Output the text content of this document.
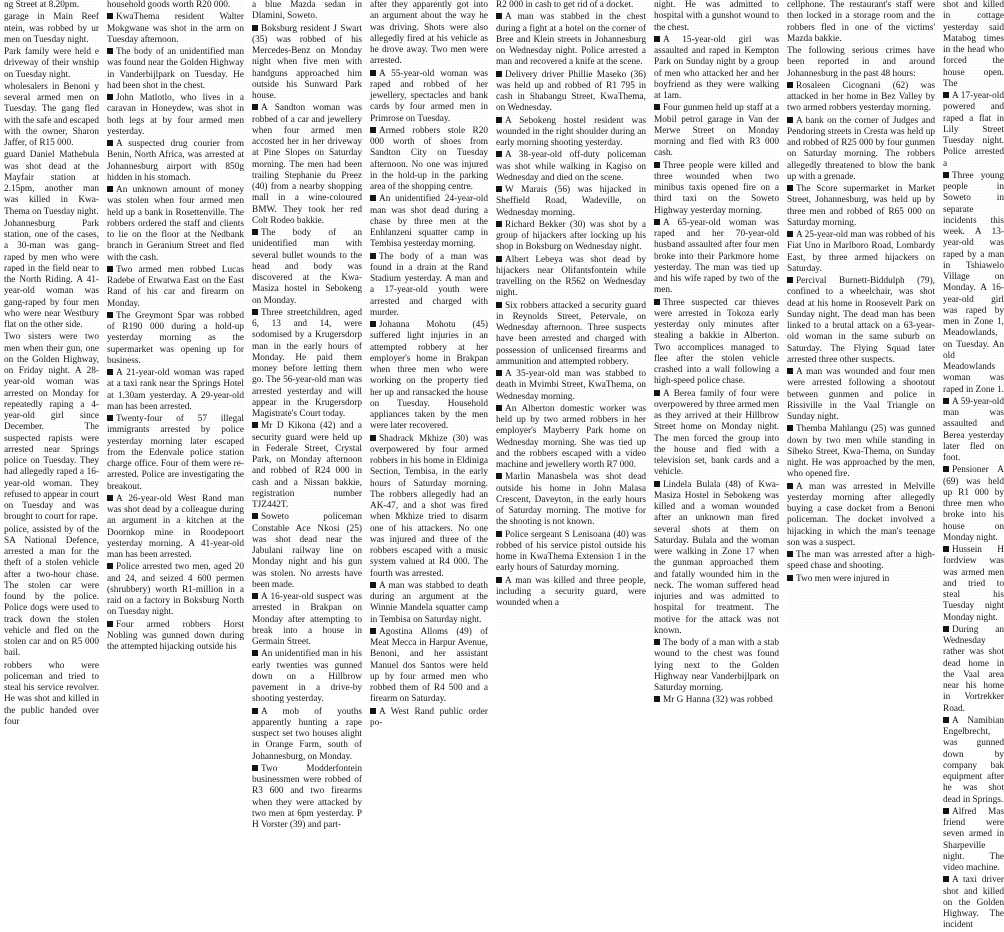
ng Street at 8.20pm.

garage in Main Reef ntein, was robbed by ur men on Tuesday night.

Park family were held e driveway of their wnship on Tuesday night.

wholesalers in Benoni y several armed men on Tuesday. The gang fled with the safe and escaped with the owner, Sharon Jaffer, of R15 000.

guard Daniel Mathebula was shot dead at the Mayfair station at 2.15pm, another man was killed in Kwa-Thema on Tuesday night.

Johannesburg Park station, one of the cases, a 30-man was gang-raped by men who were raped in the field near to the North Riding. A 41-year-old woman was gang-raped by four men who were near Westbury flat on the other side.

Two sisters were two men when their gun, one on the Golden Highway, on Friday night. A 28-year-old woman was arrested on Monday for repeatedly raping a 4-year-old girl since December. The suspected rapists were arrested near Springs police on Tuesday. They had allegedly raped a 16-year-old woman. They refused to appear in court on Tuesday and was brought to court for rape.

police, assisted by of the SA National Defence, arrested a man for the theft of a stolen vehicle after a two-hour chase. The stolen car were found by the police. Police dogs were used to track down the stolen vehicle and fled on the stolen car and on R5 000 bail.

robbers who were policeman and tried to steal his service revolver. He was shot and killed in the public handed over four

household goods worth R20 000.

KwaThema resident Walter Mokgwane was shot in the arm on Tuesday afternoon.

The body of an unidentified man was found near the Golden Highway in Vanderbijlpark on Tuesday. He had been shot in the chest.

John Matlotlo, who lives in a caravan in Honeydew, was shot in both legs at by four armed men yesterday.

A suspected drug courier from Benin, North Africa, was arrested at Johannesburg airport with 850g hidden in his stomach.

An unknown amount of money was stolen when four armed men held up a bank in Rosettenville. The robbers ordered the staff and clients to lie on the floor at the Nedbank branch in Geranium Street and fled with the cash.

Two armed men robbed Lucas Radebe of Etwatwa East on the East Rand of his car and firearm on Monday.

The Greymont Spar was robbed of R190 000 during a hold-up yesterday morning as the supermarket was opening up for business.

A 21-year-old woman was raped at a taxi rank near the Springs Hotel at 1.30am yesterday. A 29-year-old man has been arrested.

Twenty-four of 57 illegal immigrants arrested by police yesterday morning later escaped from the Edenvale police station charge office. Four of them were re-arrested. Police are investigating the breakout.

A 26-year-old West Rand man was shot dead by a colleague during an argument in a kitchen at the Doornkop mine in Roodepoort yesterday morning. A 41-year-old man has been arrested.

Police arrested two men, aged 20 and 24, and seized 4 600 permen (shrubbery) worth R1-million in a raid on a factory in Boksburg North on Tuesday night.

Four armed robbers Horst Nobling was gunned down during the attempted hijacking outside his

a blue Mazda sedan in Dlamini, Soweto.

Boksburg resident J Swart (35) was robbed of his Mercedes-Benz on Monday night when five men with handguns approached him outside his Sunward Park house.

A Sandton woman was robbed of a car and jewellery when four armed men accosted her in her driveway at Pine Slopes on Saturday morning. The men had been trailing Stephanie du Preez (40) from a nearby shopping mall in a wine-coloured BMW. They took her red Colt Rodeo bakkie.

The body of an unidentified man with several bullet wounds to the head and body was discovered at the Kwa-Masiza hostel in Sebokeng on Monday.

Three streetchildren, aged 6, 13 and 14, were sodomised by a Krugersdorp man in the early hours of Monday. He paid them money before letting them go. The 56-year-old man was arrested yesterday and will appear in the Krugersdorp Magistrate's Court today.

Mr D Kikona (42) and a security guard were held up in Federale Street, Crystal Park, on Monday afternoon and robbed of R24 000 in cash and a Nissan bakkie, registration number TJZ442T.

Soweto policeman Constable Ace Nkosi (25) was shot dead near the Jabulani railway line on Monday night and his gun was stolen. No arrests have been made.

A 16-year-old suspect was arrested in Brakpan on Monday after attempting to break into a house in Germain Street.

An unidentified man in his early twenties was gunned down on a Hillbrow pavement in a drive-by shooting yesterday.

A mob of youths apparently hunting a rape suspect set two houses alight in Orange Farm, south of Johannesburg, on Monday.

Two Modderfontein businessmen were robbed of R3 600 and two firearms when they were attacked by two men at 6pm yesterday. P H Vorster (39) and part-

after they apparently got into an argument about the way he was driving. Shots were also allegedly fired at his vehicle as he drove away. Two men were arrested.

A 55-year-old woman was raped and robbed of her jewellery, spectacles and bank cards by four armed men in Primrose on Tuesday.

Armed robbers stole R20 000 worth of shoes from Sandton City on Tuesday afternoon. No one was injured in the hold-up in the parking area of the shopping centre.

An unidentified 24-year-old man was shot dead during a chase by three men at the Enhlanzeni squatter camp in Tembisa yesterday morning.

The body of a man was found in a drain at the Rand Stadium yesterday. A man and a 17-year-old youth were arrested and charged with murder.

Johanna Mohotu (45) suffered light injuries in an attempted robbery at her employer's home in Brakpan when three men who were working on the property tied her up and ransacked the house on Tuesday. Household appliances taken by the men were later recovered.

Shadrack Mkhize (30) was overpowered by four armed robbers in his home in Eldiniga Section, Tembisa, in the early hours of Saturday morning. The robbers allegedly had an AK-47, and a shot was fired when Mkhize tried to disarm one of his attackers. No one was injured and three of the robbers escaped with a music system valued at R4 000. The fourth was arrested.

A man was stabbed to death during an argument at the Winnie Mandela squatter camp in Tembisa on Saturday night.

Agostina Alloms (49) of Meat Mecca in Harpur Avenue, Benoni, and her assistant Manuel dos Santos were held up by four armed men who robbed them of R4 500 and a firearm on Saturday.

A West Rand public order po-

R2 000 in cash to get rid of a docket.

A man was stabbed in the chest during a fight at a hotel on the corner of Bree and Klein streets in Johannesburg on Wednesday night. Police arrested a man and recovered a knife at the scene.

Delivery driver Phillie Maseko (36) was held up and robbed of R1 795 in cash in Shabangu Street, KwaThema, on Wednesday.

A Sebokeng hostel resident was wounded in the right shoulder during an early morning shooting yesterday.

A 38-year-old off-duty policeman was shot while walking in Kagiso on Wednesday and died on the scene.

W Marais (56) was hijacked in Sheffield Road, Wadeville, on Wednesday morning.

Richard Bekker (30) was shot by a group of hijackers after locking up his shop in Boksburg on Wednesday night.

Albert Lebeya was shot dead by hijackers near Olifantsfontein while travelling on the R562 on Wednesday night.

Six robbers attacked a security guard in Reynolds Street, Petervale, on Wednesday afternoon. Three suspects have been arrested and charged with possession of unlicensed firearms and ammunition and attempted robbery.

A 35-year-old man was stabbed to death in Mvimbi Street, KwaThema, on Wednesday morning.

An Alberton domestic worker was held up by two armed robbers in her employer's Mayberry Park home on Wednesday morning. She was tied up and the robbers escaped with a video machine and jewellery worth R7 000.

Marlin Manasbela was shot dead outside his home in John Malasa Crescent, Daveyton, in the early hours of Saturday morning. The motive for the shooting is not known.

Police sergeant S Lenisoana (40) was robbed of his service pistol outside his home in KwaThema Extension 1 in the early hours of Saturday morning.

A man was killed and three people, including a security guard, were wounded when a

night. He was admitted to hospital with a gunshot wound to the chest.

A 15-year-old girl was assaulted and raped in Kempton Park on Sunday night by a group of men who attacked her and her boyfriend as they were walking at 1am.

Four gunmen held up staff at a Mobil petrol garage in Van der Merwe Street on Monday morning and fled with R3 000 cash.

Three people were killed and three wounded when two minibus taxis opened fire on a third taxi on the Soweto Highway yesterday morning.

A 65-year-old woman was raped and her 70-year-old husband assaulted after four men broke into their Parkmore home yesterday. The man was tied up and his wife raped by two of the men.

Three suspected car thieves were arrested in Tokoza early yesterday only minutes after stealing a bakkie in Alberton. Two accomplices managed to flee after the stolen vehicle crashed into a wall following a high-speed police chase.

A Berea family of four were overpowered by three armed men as they arrived at their Hillbrow Street home on Monday night. The men forced the group into the house and fled with a television set, bank cards and a vehicle.

Lindela Bulala (48) of Kwa-Masiza Hostel in Sebokeng was killed and a woman wounded after an unknown man fired several shots at them on Saturday. Bulala and the woman were walking in Zone 17 when the gunman approached them and fatally wounded him in the neck. The woman suffered head injuries and was admitted to hospital for treatment. The motive for the attack was not known.

The body of a man with a stab wound to the chest was found lying next to the Golden Highway near Vanderbijlpark on Saturday morning.

Mr G Hanna (32) was robbed

cellphone. The restaurant's staff were then locked in a storage room and the robbers fled in one of the victims' Mazda bakkie.

The following serious crimes have been reported in and around Johannesburg in the past 48 hours:

Rosaleen Cicognani (62) was attacked in her home in Bez Valley by two armed robbers yesterday morning.

A bank on the corner of Judges and Pendoring streets in Cresta was held up and robbed of R25 000 by four gunmen on Saturday morning. The robbers allegedly threatened to blow the bank up with a grenade.

The Score supermarket in Market Street, Johannesburg, was held up by three men and robbed of R65 000 on Saturday morning.

A 25-year-old man was robbed of his Fiat Uno in Marlboro Road, Lombardy East, by three armed hijackers on Saturday.

Percival Burnett-Biddulph (79), confined to a wheelchair, was shot dead at his home in Roosevelt Park on Sunday night. The dead man has been linked to a brutal attack on a 63-year-old woman in the same suburb on Saturday. The Flying Squad later arrested three other suspects.

A man was wounded and four men were arrested following a shootout between gunmen and police in Rissiville in the Vaal Triangle on Sunday night.

Themba Mahlangu (25) was gunned down by two men while standing in Sibeko Street, Kwa-Thema, on Sunday night. He was approached by the men, who opened fire.

A man was arrested in Melville yesterday morning after allegedly buying a case docket from a Benoni policeman. The docket involved a hijacking in which the man's teenage son was a suspect.

The man was arrested after a high-speed chase and shooting.

Two men were injured in

shot and killed in cottage yesterday said Matabog times in the head who forced the house open. The

A 17-year-old powered and raped a flat in Lily Street Tuesday night. Police arrested a

Three young people in Soweto in separate incidents this week. A 13-year-old was raped by a man in Tshiawelo Village on Monday. A 16-year-old girl was raped by men in Zone 1, Meadowlands, on Tuesday. An old Meadowlands woman was raped in Zone 1.

A 59-year-old man was assaulted and Berea yesterday later fled on foot.

Pensioner A (69) was held up R1 000 by three men who broke into his house on Monday night.

Hussein H fordview was was armed men and tried to steal his Tuesday night Monday night.

During an Wednesday rather was shot dead home in the Vaal area near his home in Vortrekker Road.

A Namibian Engelbrecht, was gunned down by company bak equipment after he was shot dead in Springs.

Alfred Mas friend were seven armed in Sharpeville night. The video machine.

A taxi driver shot and killed on the Golden Highway. The incident
